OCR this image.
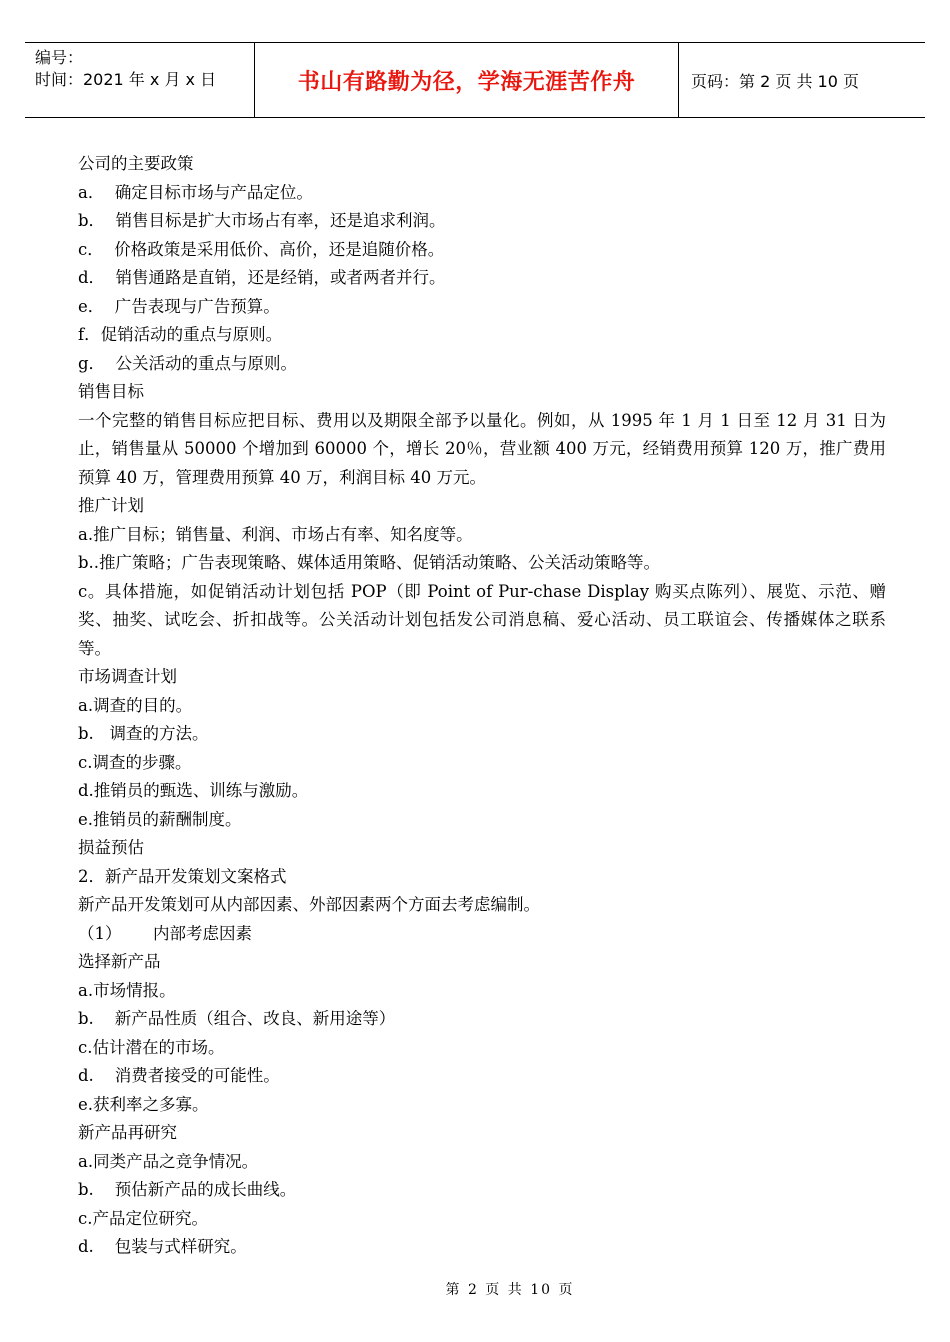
编号：
时间：2021 年 x 月 x 日	书山有路勤为径，学海无涯苦作舟	页码：第 2 页 共 10 页
公司的主要政策
a．  确定目标市场与产品定位。
b．  销售目标是扩大市场占有率，还是追求利润。
c．  价格政策是采用低价、高价，还是追随价格。
d．  销售通路是直销，还是经销，或者两者并行。
e．  广告表现与广告预算。
f．促销活动的重点与原则。
g．  公关活动的重点与原则。
销售目标
一个完整的销售目标应把目标、费用以及期限全部予以量化。例如，从 1995 年 1 月 1 日至 12 月 31 日为止，销售量从 50000 个增加到 60000 个，增长 20％，营业额 400 万元，经销费用预算 120 万，推广费用预算 40 万，管理费用预算 40 万，利润目标 40 万元。
推广计划
a.推广目标；销售量、利润、市场占有率、知名度等。
b..推广策略；广告表现策略、媒体适用策略、促销活动策略、公关活动策略等。
c。具体措施，如促销活动计划包括 POP（即 Point of Pur-chase Display 购买点陈列）、展览、示范、赠奖、抽奖、试吃会、折扣战等。公关活动计划包括发公司消息稿、爱心活动、员工联谊会、传播媒体之联系等。
市场调查计划
a.调查的目的。
b.   调查的方法。
c.调查的步骤。
d.推销员的甄选、训练与激励。
e.推销员的薪酬制度。
损益预估
2．新产品开发策划文案格式
新产品开发策划可从内部因素、外部因素两个方面去考虑编制。
（1）      内部考虑因素
选择新产品
a.市场情报。
b.    新产品性质（组合、改良、新用途等）
c.估计潜在的市场。
d.    消费者接受的可能性。
e.获利率之多寡。
新产品再研究
a.同类产品之竞争情况。
b.    预估新产品的成长曲线。
c.产品定位研究。
d.    包装与式样研究。
第 2 页 共 10 页
